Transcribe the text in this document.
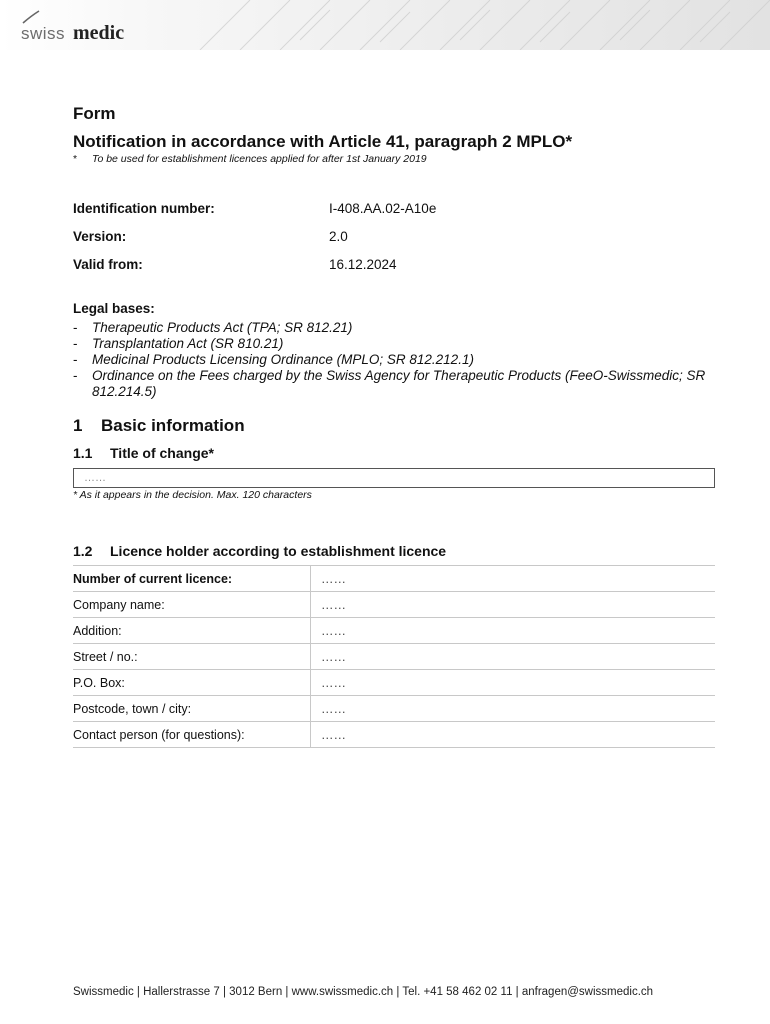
swiss medic
Form
Notification in accordance with Article 41, paragraph 2 MPLO*
* To be used for establishment licences applied for after 1st January 2019
Identification number:	I-408.AA.02-A10e
Version:	2.0
Valid from:	16.12.2024
Legal bases:
- Therapeutic Products Act (TPA; SR 812.21)
- Transplantation Act (SR 810.21)
- Medicinal Products Licensing Ordinance (MPLO; SR 812.212.1)
- Ordinance on the Fees charged by the Swiss Agency for Therapeutic Products (FeeO-Swissmedic; SR 812.214.5)
1 Basic information
1.1 Title of change*
……
* As it appears in the decision. Max. 120 characters
1.2 Licence holder according to establishment licence
Number of current licence:	……
Company name:	……
Addition:	……
Street / no.:	……
P.O. Box:	……
Postcode, town / city:	……
Contact person (for questions):	……
Swissmedic | Hallerstrasse 7 | 3012 Bern | www.swissmedic.ch | Tel. +41 58 462 02 11 | anfragen@swissmedic.ch
